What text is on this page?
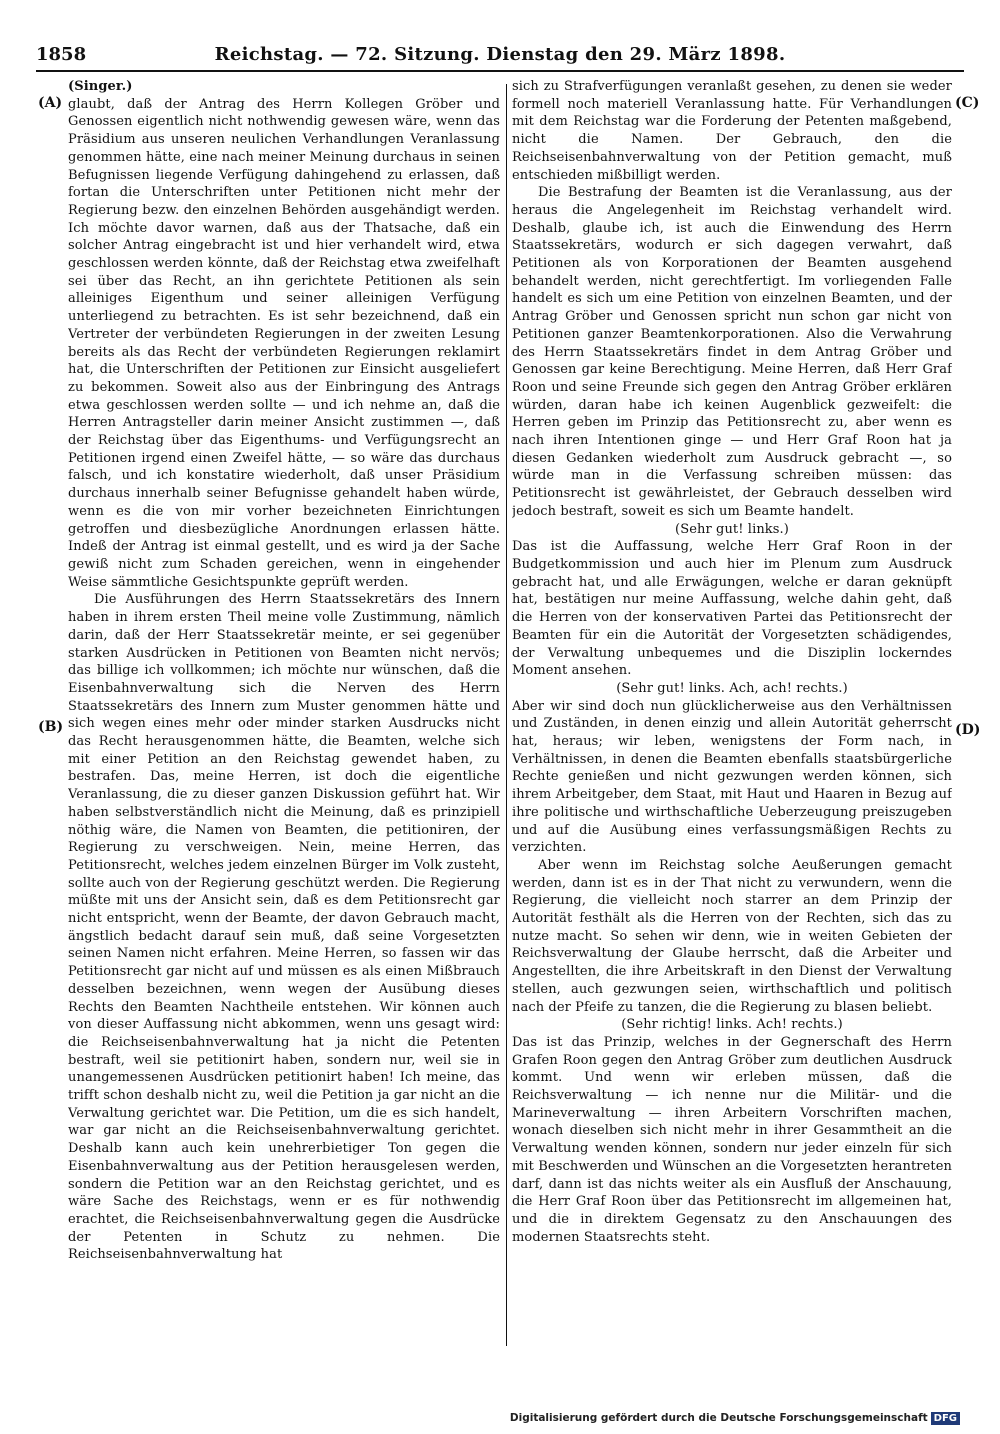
1858	Reichstag. — 72. Sitzung. Dienstag den 29. März 1898.
(A)
(B)
(C)
(D)

(Singer.)

glaubt, daß der Antrag des Herrn Kollegen Gröber und Genossen eigentlich nicht nothwendig gewesen wäre, wenn das Präsidium aus unseren neulichen Verhandlungen Veranlassung genommen hätte, eine nach meiner Meinung durchaus in seinen Befugnissen liegende Verfügung dahingehend zu erlassen, daß fortan die Unterschriften unter Petitionen nicht mehr der Regierung bezw. den einzelnen Behörden ausgehändigt werden. Ich möchte davor warnen, daß aus der Thatsache, daß ein solcher Antrag eingebracht ist und hier verhandelt wird, etwa geschlossen werden könnte, daß der Reichstag etwa zweifelhaft sei über das Recht, an ihn gerichtete Petitionen als sein alleiniges Eigenthum und seiner alleinigen Verfügung unterliegend zu betrachten. Es ist sehr bezeichnend, daß ein Vertreter der verbündeten Regierungen in der zweiten Lesung bereits als das Recht der verbündeten Regierungen reklamirt hat, die Unterschriften der Petitionen zur Einsicht ausgeliefert zu bekommen. Soweit also aus der Einbringung des Antrags etwa geschlossen werden sollte — und ich nehme an, daß die Herren Antragsteller darin meiner Ansicht zustimmen —, daß der Reichstag über das Eigenthums- und Verfügungsrecht an Petitionen irgend einen Zweifel hätte, — so wäre das durchaus falsch, und ich konstatire wiederholt, daß unser Präsidium durchaus innerhalb seiner Befugnisse gehandelt haben würde, wenn es die von mir vorher bezeichneten Einrichtungen getroffen und diesbezügliche Anordnungen erlassen hätte. Indeß der Antrag ist einmal gestellt, und es wird ja der Sache gewiß nicht zum Schaden gereichen, wenn in eingehender Weise sämmtliche Gesichtspunkte geprüft werden.

Die Ausführungen des Herrn Staatssekretärs des Innern haben in ihrem ersten Theil meine volle Zustimmung, nämlich darin, daß der Herr Staatssekretär meinte, er sei gegenüber starken Ausdrücken in Petitionen von Beamten nicht nervös; das billige ich vollkommen; ich möchte nur wünschen, daß die Eisenbahnverwaltung sich die Nerven des Herrn Staatssekretärs des Innern zum Muster genommen hätte und sich wegen eines mehr oder minder starken Ausdrucks nicht das Recht herausgenommen hätte, die Beamten, welche sich mit einer Petition an den Reichstag gewendet haben, zu bestrafen. Das, meine Herren, ist doch die eigentliche Veranlassung, die zu dieser ganzen Diskussion geführt hat. Wir haben selbstverständlich nicht die Meinung, daß es prinzipiell nöthig wäre, die Namen von Beamten, die petitioniren, der Regierung zu verschweigen. Nein, meine Herren, das Petitionsrecht, welches jedem einzelnen Bürger im Volk zusteht, sollte auch von der Regierung geschützt werden. Die Regierung müßte mit uns der Ansicht sein, daß es dem Petitionsrecht gar nicht entspricht, wenn der Beamte, der davon Gebrauch macht, ängstlich bedacht darauf sein muß, daß seine Vorgesetzten seinen Namen nicht erfahren. Meine Herren, so fassen wir das Petitionsrecht gar nicht auf und müssen es als einen Mißbrauch desselben bezeichnen, wenn wegen der Ausübung dieses Rechts den Beamten Nachtheile entstehen. Wir können auch von dieser Auffassung nicht abkommen, wenn uns gesagt wird: die Reichseisenbahnverwaltung hat ja nicht die Petenten bestraft, weil sie petitionirt haben, sondern nur, weil sie in unangemessenen Ausdrücken petitionirt haben! Ich meine, das trifft schon deshalb nicht zu, weil die Petition ja gar nicht an die Verwaltung gerichtet war. Die Petition, um die es sich handelt, war gar nicht an die Reichseisenbahnverwaltung gerichtet. Deshalb kann auch kein unehrerbietiger Ton gegen die Eisenbahnverwaltung aus der Petition herausgelesen werden, sondern die Petition war an den Reichstag gerichtet, und es wäre Sache des Reichstags, wenn er es für nothwendig erachtet, die Reichseisenbahnverwaltung gegen die Ausdrücke der Petenten in Schutz zu nehmen. Die Reichseisenbahnverwaltung hat

sich zu Strafverfügungen veranlaßt gesehen, zu denen sie weder formell noch materiell Veranlassung hatte. Für Verhandlungen mit dem Reichstag war die Forderung der Petenten maßgebend, nicht die Namen. Der Gebrauch, den die Reichseisenbahnverwaltung von der Petition gemacht, muß entschieden mißbilligt werden.

Die Bestrafung der Beamten ist die Veranlassung, aus der heraus die Angelegenheit im Reichstag verhandelt wird. Deshalb, glaube ich, ist auch die Einwendung des Herrn Staatssekretärs, wodurch er sich dagegen verwahrt, daß Petitionen als von Korporationen der Beamten ausgehend behandelt werden, nicht gerechtfertigt. Im vorliegenden Falle handelt es sich um eine Petition von einzelnen Beamten, und der Antrag Gröber und Genossen spricht nun schon gar nicht von Petitionen ganzer Beamtenkorporationen. Also die Verwahrung des Herrn Staatssekretärs findet in dem Antrag Gröber und Genossen gar keine Berechtigung. Meine Herren, daß Herr Graf Roon und seine Freunde sich gegen den Antrag Gröber erklären würden, daran habe ich keinen Augenblick gezweifelt: die Herren geben im Prinzip das Petitionsrecht zu, aber wenn es nach ihren Intentionen ginge — und Herr Graf Roon hat ja diesen Gedanken wiederholt zum Ausdruck gebracht —, so würde man in die Verfassung schreiben müssen: das Petitionsrecht ist gewährleistet, der Gebrauch desselben wird jedoch bestraft, soweit es sich um Beamte handelt.

(Sehr gut! links.)

Das ist die Auffassung, welche Herr Graf Roon in der Budgetkommission und auch hier im Plenum zum Ausdruck gebracht hat, und alle Erwägungen, welche er daran geknüpft hat, bestätigen nur meine Auffassung, welche dahin geht, daß die Herren von der konservativen Partei das Petitionsrecht der Beamten für ein die Autorität der Vorgesetzten schädigendes, der Verwaltung unbequemes und die Disziplin lockerndes Moment ansehen.

(Sehr gut! links. Ach, ach! rechts.)

Aber wir sind doch nun glücklicherweise aus den Verhältnissen und Zuständen, in denen einzig und allein Autorität geherrscht hat, heraus; wir leben, wenigstens der Form nach, in Verhältnissen, in denen die Beamten ebenfalls staatsbürgerliche Rechte genießen und nicht gezwungen werden können, sich ihrem Arbeitgeber, dem Staat, mit Haut und Haaren in Bezug auf ihre politische und wirthschaftliche Ueberzeugung preiszugeben und auf die Ausübung eines verfassungsmäßigen Rechts zu verzichten.

Aber wenn im Reichstag solche Aeußerungen gemacht werden, dann ist es in der That nicht zu verwundern, wenn die Regierung, die vielleicht noch starrer an dem Prinzip der Autorität festhält als die Herren von der Rechten, sich das zu nutze macht. So sehen wir denn, wie in weiten Gebieten der Reichsverwaltung der Glaube herrscht, daß die Arbeiter und Angestellten, die ihre Arbeitskraft in den Dienst der Verwaltung stellen, auch gezwungen seien, wirthschaftlich und politisch nach der Pfeife zu tanzen, die die Regierung zu blasen beliebt.

(Sehr richtig! links. Ach! rechts.)

Das ist das Prinzip, welches in der Gegnerschaft des Herrn Grafen Roon gegen den Antrag Gröber zum deutlichen Ausdruck kommt. Und wenn wir erleben müssen, daß die Reichsverwaltung — ich nenne nur die Militär- und die Marineverwaltung — ihren Arbeitern Vorschriften machen, wonach dieselben sich nicht mehr in ihrer Gesammtheit an die Verwaltung wenden können, sondern nur jeder einzeln für sich mit Beschwerden und Wünschen an die Vorgesetzten herantreten darf, dann ist das nichts weiter als ein Ausfluß der Anschauung, die Herr Graf Roon über das Petitionsrecht im allgemeinen hat, und die in direktem Gegensatz zu den Anschauungen des modernen Staatsrechts steht.

Digitalisierung gefördert durch die Deutsche Forschungsgemeinschaft DFG
